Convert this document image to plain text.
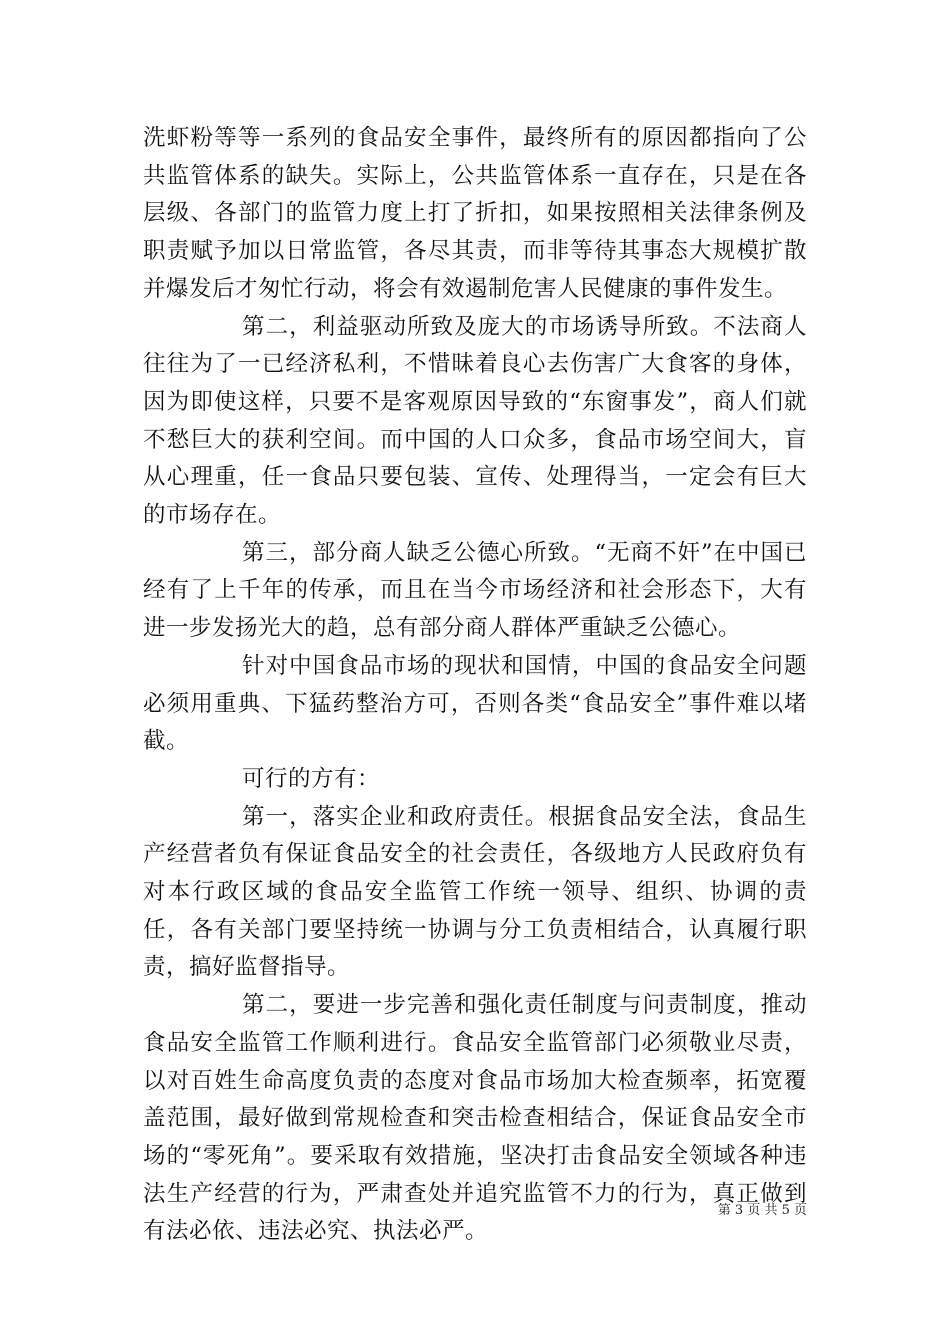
洗虾粉等等一系列的食品安全事件，最终所有的原因都指向了公共监管体系的缺失。实际上，公共监管体系一直存在，只是在各层级、各部门的监管力度上打了折扣，如果按照相关法律条例及职责赋予加以日常监管，各尽其责，而非等待其事态大规模扩散并爆发后才匆忙行动，将会有效遏制危害人民健康的事件发生。

第二，利益驱动所致及庞大的市场诱导所致。不法商人往往为了一已经济私利，不惜昧着良心去伤害广大食客的身体，因为即使这样，只要不是客观原因导致的“东窗事发”，商人们就不愁巨大的获利空间。而中国的人口众多，食品市场空间大，盲从心理重，任一食品只要包装、宣传、处理得当，一定会有巨大的市场存在。

第三，部分商人缺乏公德心所致。“无商不奸”在中国已经有了上千年的传承，而且在当今市场经济和社会形态下，大有进一步发扬光大的趋，总有部分商人群体严重缺乏公德心。

针对中国食品市场的现状和国情，中国的食品安全问题必须用重典、下猛药整治方可，否则各类“食品安全”事件难以堵截。

可行的方有：

第一，落实企业和政府责任。根据食品安全法，食品生产经营者负有保证食品安全的社会责任，各级地方人民政府负有对本行政区域的食品安全监管工作统一领导、组织、协调的责任，各有关部门要坚持统一协调与分工负责相结合，认真履行职责，搞好监督指导。

第二，要进一步完善和强化责任制度与问责制度，推动食品安全监管工作顺利进行。食品安全监管部门必须敬业尽责，以对百姓生命高度负责的态度对食品市场加大检查频率，拓宽覆盖范围，最好做到常规检查和突击检查相结合，保证食品安全市场的“零死角”。要采取有效措施，坚决打击食品安全领域各种违法生产经营的行为，严肃查处并追究监管不力的行为，真正做到有法必依、违法必究、执法必严。

第 3 页 共 5 页
